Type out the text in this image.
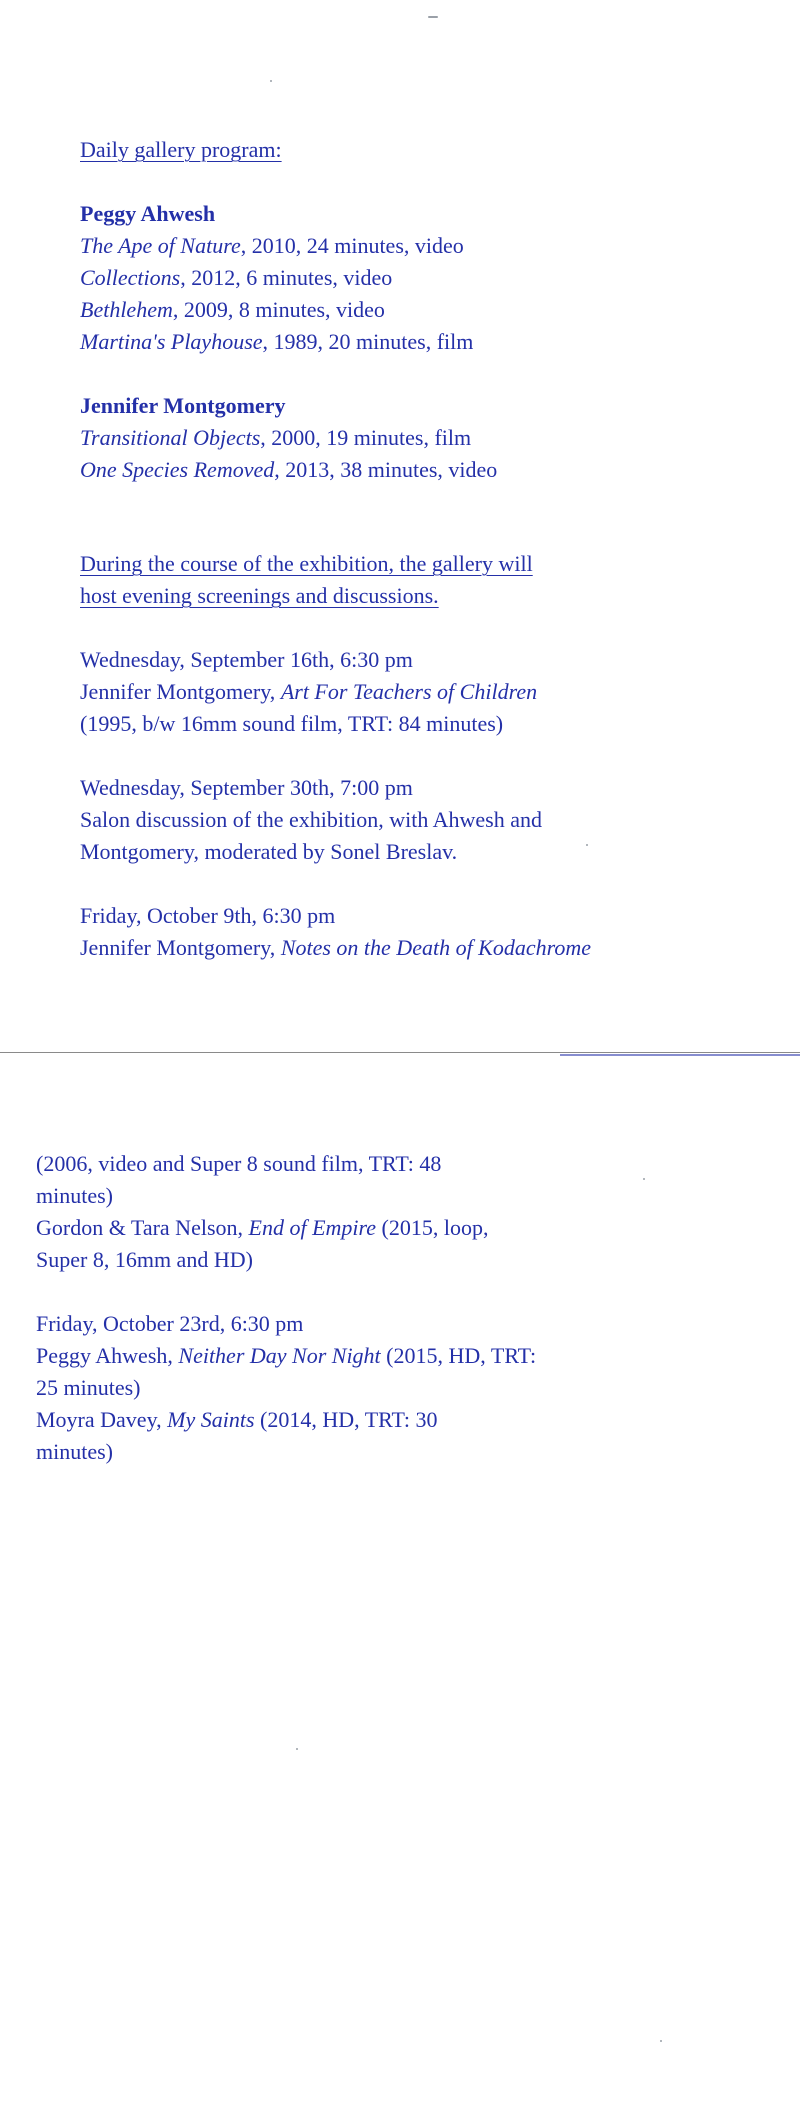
Daily gallery program:

Peggy Ahwesh

The Ape of Nature, 2010, 24 minutes, video

Collections, 2012, 6 minutes, video

Bethlehem, 2009, 8 minutes, video

Martina's Playhouse, 1989, 20 minutes, film

Jennifer Montgomery

Transitional Objects, 2000, 19 minutes, film

One Species Removed, 2013, 38 minutes, video

During the course of the exhibition, the gallery will

host evening screenings and discussions.

Wednesday, September 16th, 6:30 pm

Jennifer Montgomery, Art For Teachers of Children

(1995, b/w 16mm sound film, TRT: 84 minutes)

Wednesday, September 30th, 7:00 pm

Salon discussion of the exhibition, with Ahwesh and

Montgomery, moderated by Sonel Breslav.

Friday, October 9th, 6:30 pm

Jennifer Montgomery, Notes on the Death of Kodachrome

(2006, video and Super 8 sound film, TRT: 48

minutes)

Gordon & Tara Nelson, End of Empire (2015, loop,

Super 8, 16mm and HD)

Friday, October 23rd, 6:30 pm

Peggy Ahwesh, Neither Day Nor Night (2015, HD, TRT:

25 minutes)

Moyra Davey, My Saints (2014, HD, TRT: 30

minutes)
